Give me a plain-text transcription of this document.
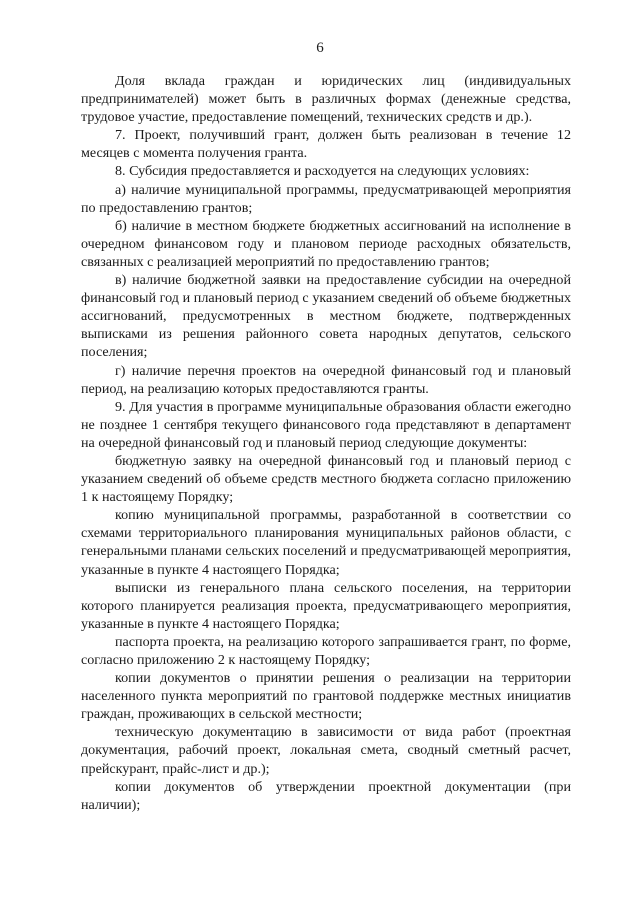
6

Доля вклада граждан и юридических лиц (индивидуальных предпринимателей) может быть в различных формах (денежные средства, трудовое участие, предоставление помещений, технических средств и др.).

7. Проект, получивший грант, должен быть реализован в течение 12 месяцев с момента получения гранта.

8. Субсидия предоставляется и расходуется на следующих условиях:

а) наличие муниципальной программы, предусматривающей мероприятия по предоставлению грантов;

б) наличие в местном бюджете бюджетных ассигнований на исполнение в очередном финансовом году и плановом периоде расходных обязательств, связанных с реализацией мероприятий по предоставлению грантов;

в) наличие бюджетной заявки на предоставление субсидии на очередной финансовый год и плановый период с указанием сведений об объеме бюджетных ассигнований, предусмотренных в местном бюджете, подтвержденных выписками из решения районного совета народных депутатов, сельского поселения;

г) наличие перечня проектов на очередной финансовый год и плановый период, на реализацию которых предоставляются гранты.

9. Для участия в программе муниципальные образования области ежегодно не позднее 1 сентября текущего финансового года представляют в департамент на очередной финансовый год и плановый период следующие документы:

бюджетную заявку на очередной финансовый год и плановый период с указанием сведений об объеме средств местного бюджета согласно приложению 1 к настоящему Порядку;

копию муниципальной программы, разработанной в соответствии со схемами территориального планирования муниципальных районов области, с генеральными планами сельских поселений и предусматривающей мероприятия, указанные в пункте 4 настоящего Порядка;

выписки из генерального плана сельского поселения, на территории которого планируется реализация проекта, предусматривающего мероприятия, указанные в пункте 4 настоящего Порядка;

паспорта проекта, на реализацию которого запрашивается грант, по форме, согласно приложению 2 к настоящему Порядку;

копии документов о принятии решения о реализации на территории населенного пункта мероприятий по грантовой поддержке местных инициатив граждан, проживающих в сельской местности;

техническую документацию в зависимости от вида работ (проектная документация, рабочий проект, локальная смета, сводный сметный расчет, прейскурант, прайс-лист и др.);

копии документов об утверждении проектной документации (при наличии);
